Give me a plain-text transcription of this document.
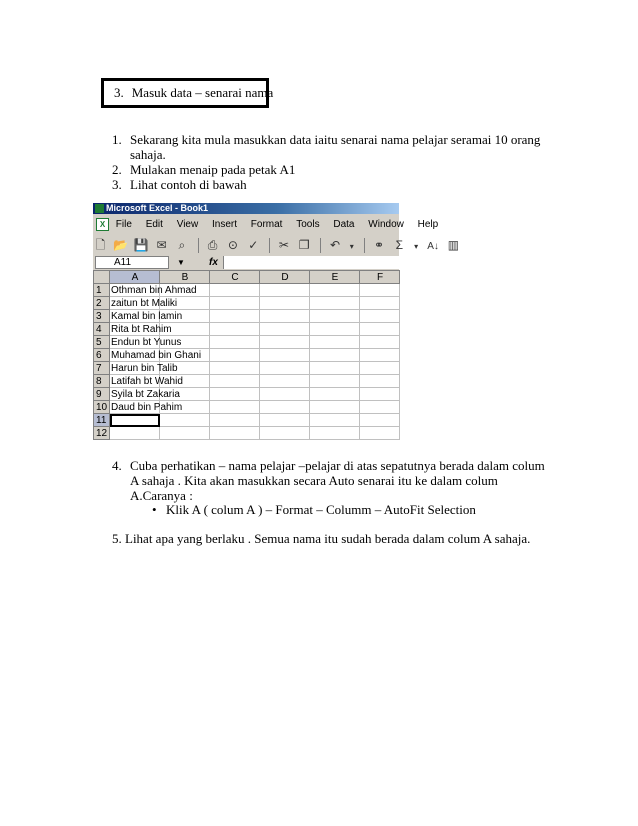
3. Masuk data – senarai nama
1. Sekarang kita mula masukkan data iaitu senarai nama pelajar seramai 10 orang sahaja.
2. Mulakan menaip pada petak A1
3. Lihat contoh di bawah
Microsoft Excel - Book1
X File Edit View Insert Format Tools Data Window Help
🗋 📂 💾 ✉ ⌕ ⎙ ⊙ ✓ ✂ ❐ ↶ ▾ ⚭ Σ ▾ A↓ ▥
A11	▼ fx
	A	B	C	D	E	F
1	Othman bin Ahmad					
2	zaitun bt Maliki					
3	Kamal bin lamin					
4	Rita bt Rahim					
5	Endun bt Yunus					
6	Muhamad bin Ghani					
7	Harun bin Talib					
8	Latifah bt Wahid					
9	Syila bt Zakaria					
10	Daud bin Pahim					
11						
12						
4. Cuba perhatikan – nama pelajar –pelajar di atas sepatutnya berada dalam colum A sahaja . Kita akan masukkan secara Auto senarai itu ke dalam colum A.Caranya :
• Klik A ( colum A ) – Format – Columm – AutoFit Selection
5. Lihat apa yang berlaku . Semua nama itu sudah berada dalam colum A sahaja.
